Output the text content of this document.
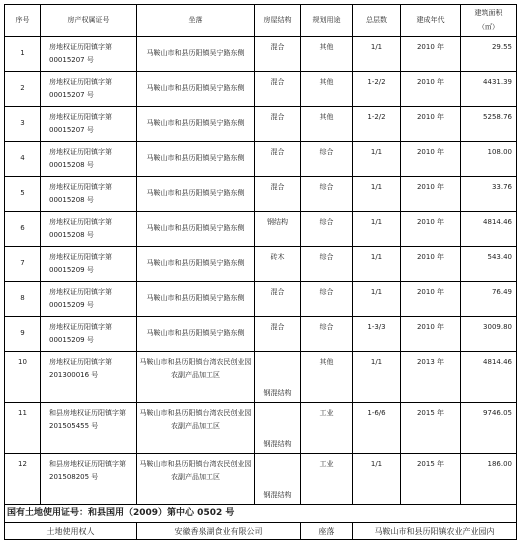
序号	房产权属证号	坐落	房屋结构	规划用途	总层数	建成年代	建筑面积
（㎡）

1	房地权证历阳镇字第 00015207 号	马鞍山市和县历阳镇吴宁路东侧	混合	其他	1/1	2010 年	29.55
2	房地权证历阳镇字第 00015207 号	马鞍山市和县历阳镇吴宁路东侧	混合	其他	1-2/2	2010 年	4431.39
3	房地权证历阳镇字第 00015207 号	马鞍山市和县历阳镇吴宁路东侧	混合	其他	1-2/2	2010 年	5258.76
4	房地权证历阳镇字第 00015208 号	马鞍山市和县历阳镇吴宁路东侧	混合	综合	1/1	2010 年	108.00
5	房地权证历阳镇字第 00015208 号	马鞍山市和县历阳镇吴宁路东侧	混合	综合	1/1	2010 年	33.76
6	房地权证历阳镇字第 00015208 号	马鞍山市和县历阳镇吴宁路东侧	钢结构	综合	1/1	2010 年	4814.46
7	房地权证历阳镇字第 00015209 号	马鞍山市和县历阳镇吴宁路东侧	砖木	综合	1/1	2010 年	543.40
8	房地权证历阳镇字第 00015209 号	马鞍山市和县历阳镇吴宁路东侧	混合	综合	1/1	2010 年	76.49
9	房地权证历阳镇字第 00015209 号	马鞍山市和县历阳镇吴宁路东侧	混合	综合	1-3/3	2010 年	3009.80
10	房地权证历阳镇字第 201300016 号	马鞍山市和县历阳镇台湾农民创业园农副产品加工区	钢混结构	其他	1/1	2013 年	4814.46
11	和县房地权证历阳镇字第 201505455 号	马鞍山市和县历阳镇台湾农民创业园农副产品加工区	钢混结构	工业	1-6/6	2015 年	9746.05
12	和县房地权证历阳镇字第 201508205 号	马鞍山市和县历阳镇台湾农民创业园农副产品加工区	钢混结构	工业	1/1	2015 年	186.00
国有土地使用证号：和县国用（2009）第中心 0502 号							
土地使用权人		安徽香泉湖食业有限公司		座落	马鞍山市和县历阳镇农业产业园内		
